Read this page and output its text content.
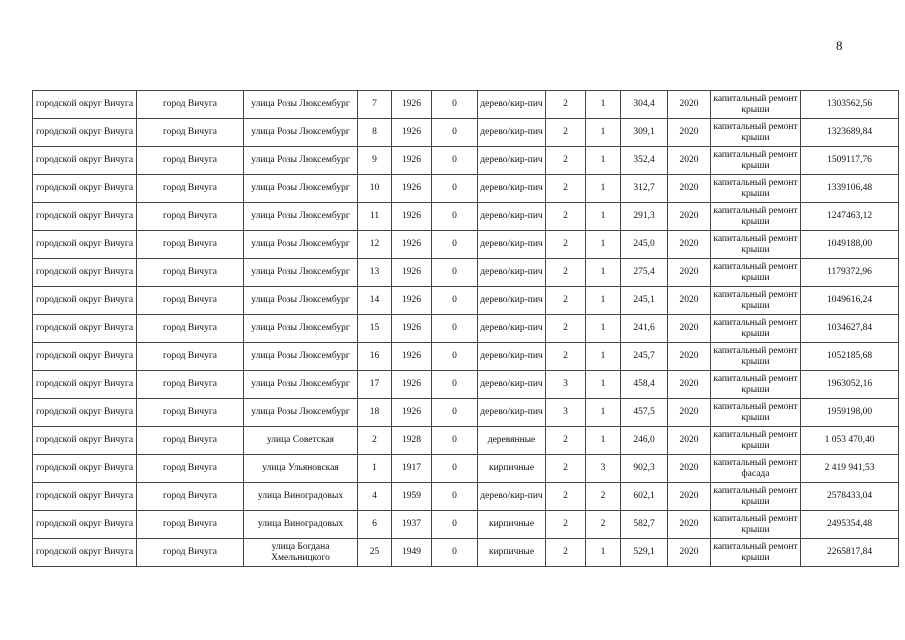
8
городской округ Вичуга	город Вичуга	улица Розы Люксембург	7	1926	0	дерево/кир-пич	2	1	304,4	2020	капитальный ремонт крыши	1303562,56
городской округ Вичуга	город Вичуга	улица Розы Люксембург	8	1926	0	дерево/кир-пич	2	1	309,1	2020	капитальный ремонт крыши	1323689,84
городской округ Вичуга	город Вичуга	улица Розы Люксембург	9	1926	0	дерево/кир-пич	2	1	352,4	2020	капитальный ремонт крыши	1509117,76
городской округ Вичуга	город Вичуга	улица Розы Люксембург	10	1926	0	дерево/кир-пич	2	1	312,7	2020	капитальный ремонт крыши	1339106,48
городской округ Вичуга	город Вичуга	улица Розы Люксембург	11	1926	0	дерево/кир-пич	2	1	291,3	2020	капитальный ремонт крыши	1247463,12
городской округ Вичуга	город Вичуга	улица Розы Люксембург	12	1926	0	дерево/кир-пич	2	1	245,0	2020	капитальный ремонт крыши	1049188,00
городской округ Вичуга	город Вичуга	улица Розы Люксембург	13	1926	0	дерево/кир-пич	2	1	275,4	2020	капитальный ремонт крыши	1179372,96
городской округ Вичуга	город Вичуга	улица Розы Люксембург	14	1926	0	дерево/кир-пич	2	1	245,1	2020	капитальный ремонт крыши	1049616,24
городской округ Вичуга	город Вичуга	улица Розы Люксембург	15	1926	0	дерево/кир-пич	2	1	241,6	2020	капитальный ремонт крыши	1034627,84
городской округ Вичуга	город Вичуга	улица Розы Люксембург	16	1926	0	дерево/кир-пич	2	1	245,7	2020	капитальный ремонт крыши	1052185,68
городской округ Вичуга	город Вичуга	улица Розы Люксембург	17	1926	0	дерево/кир-пич	3	1	458,4	2020	капитальный ремонт крыши	1963052,16
городской округ Вичуга	город Вичуга	улица Розы Люксембург	18	1926	0	дерево/кир-пич	3	1	457,5	2020	капитальный ремонт крыши	1959198,00
городской округ Вичуга	город Вичуга	улица Советская	2	1928	0	деревянные	2	1	246,0	2020	капитальный ремонт крыши	1 053 470,40
городской округ Вичуга	город Вичуга	улица Ульяновская	1	1917	0	кирпичные	2	3	902,3	2020	капитальный ремонт фасада	2 419 941,53
городской округ Вичуга	город Вичуга	улица Виноградовых	4	1959	0	дерево/кир-пич	2	2	602,1	2020	капитальный ремонт крыши	2578433,04
городской округ Вичуга	город Вичуга	улица Виноградовых	6	1937	0	кирпичные	2	2	582,7	2020	капитальный ремонт крыши	2495354,48
городской округ Вичуга	город Вичуга	улица Богдана Хмельницкого	25	1949	0	кирпичные	2	1	529,1	2020	капитальный ремонт крыши	2265817,84
